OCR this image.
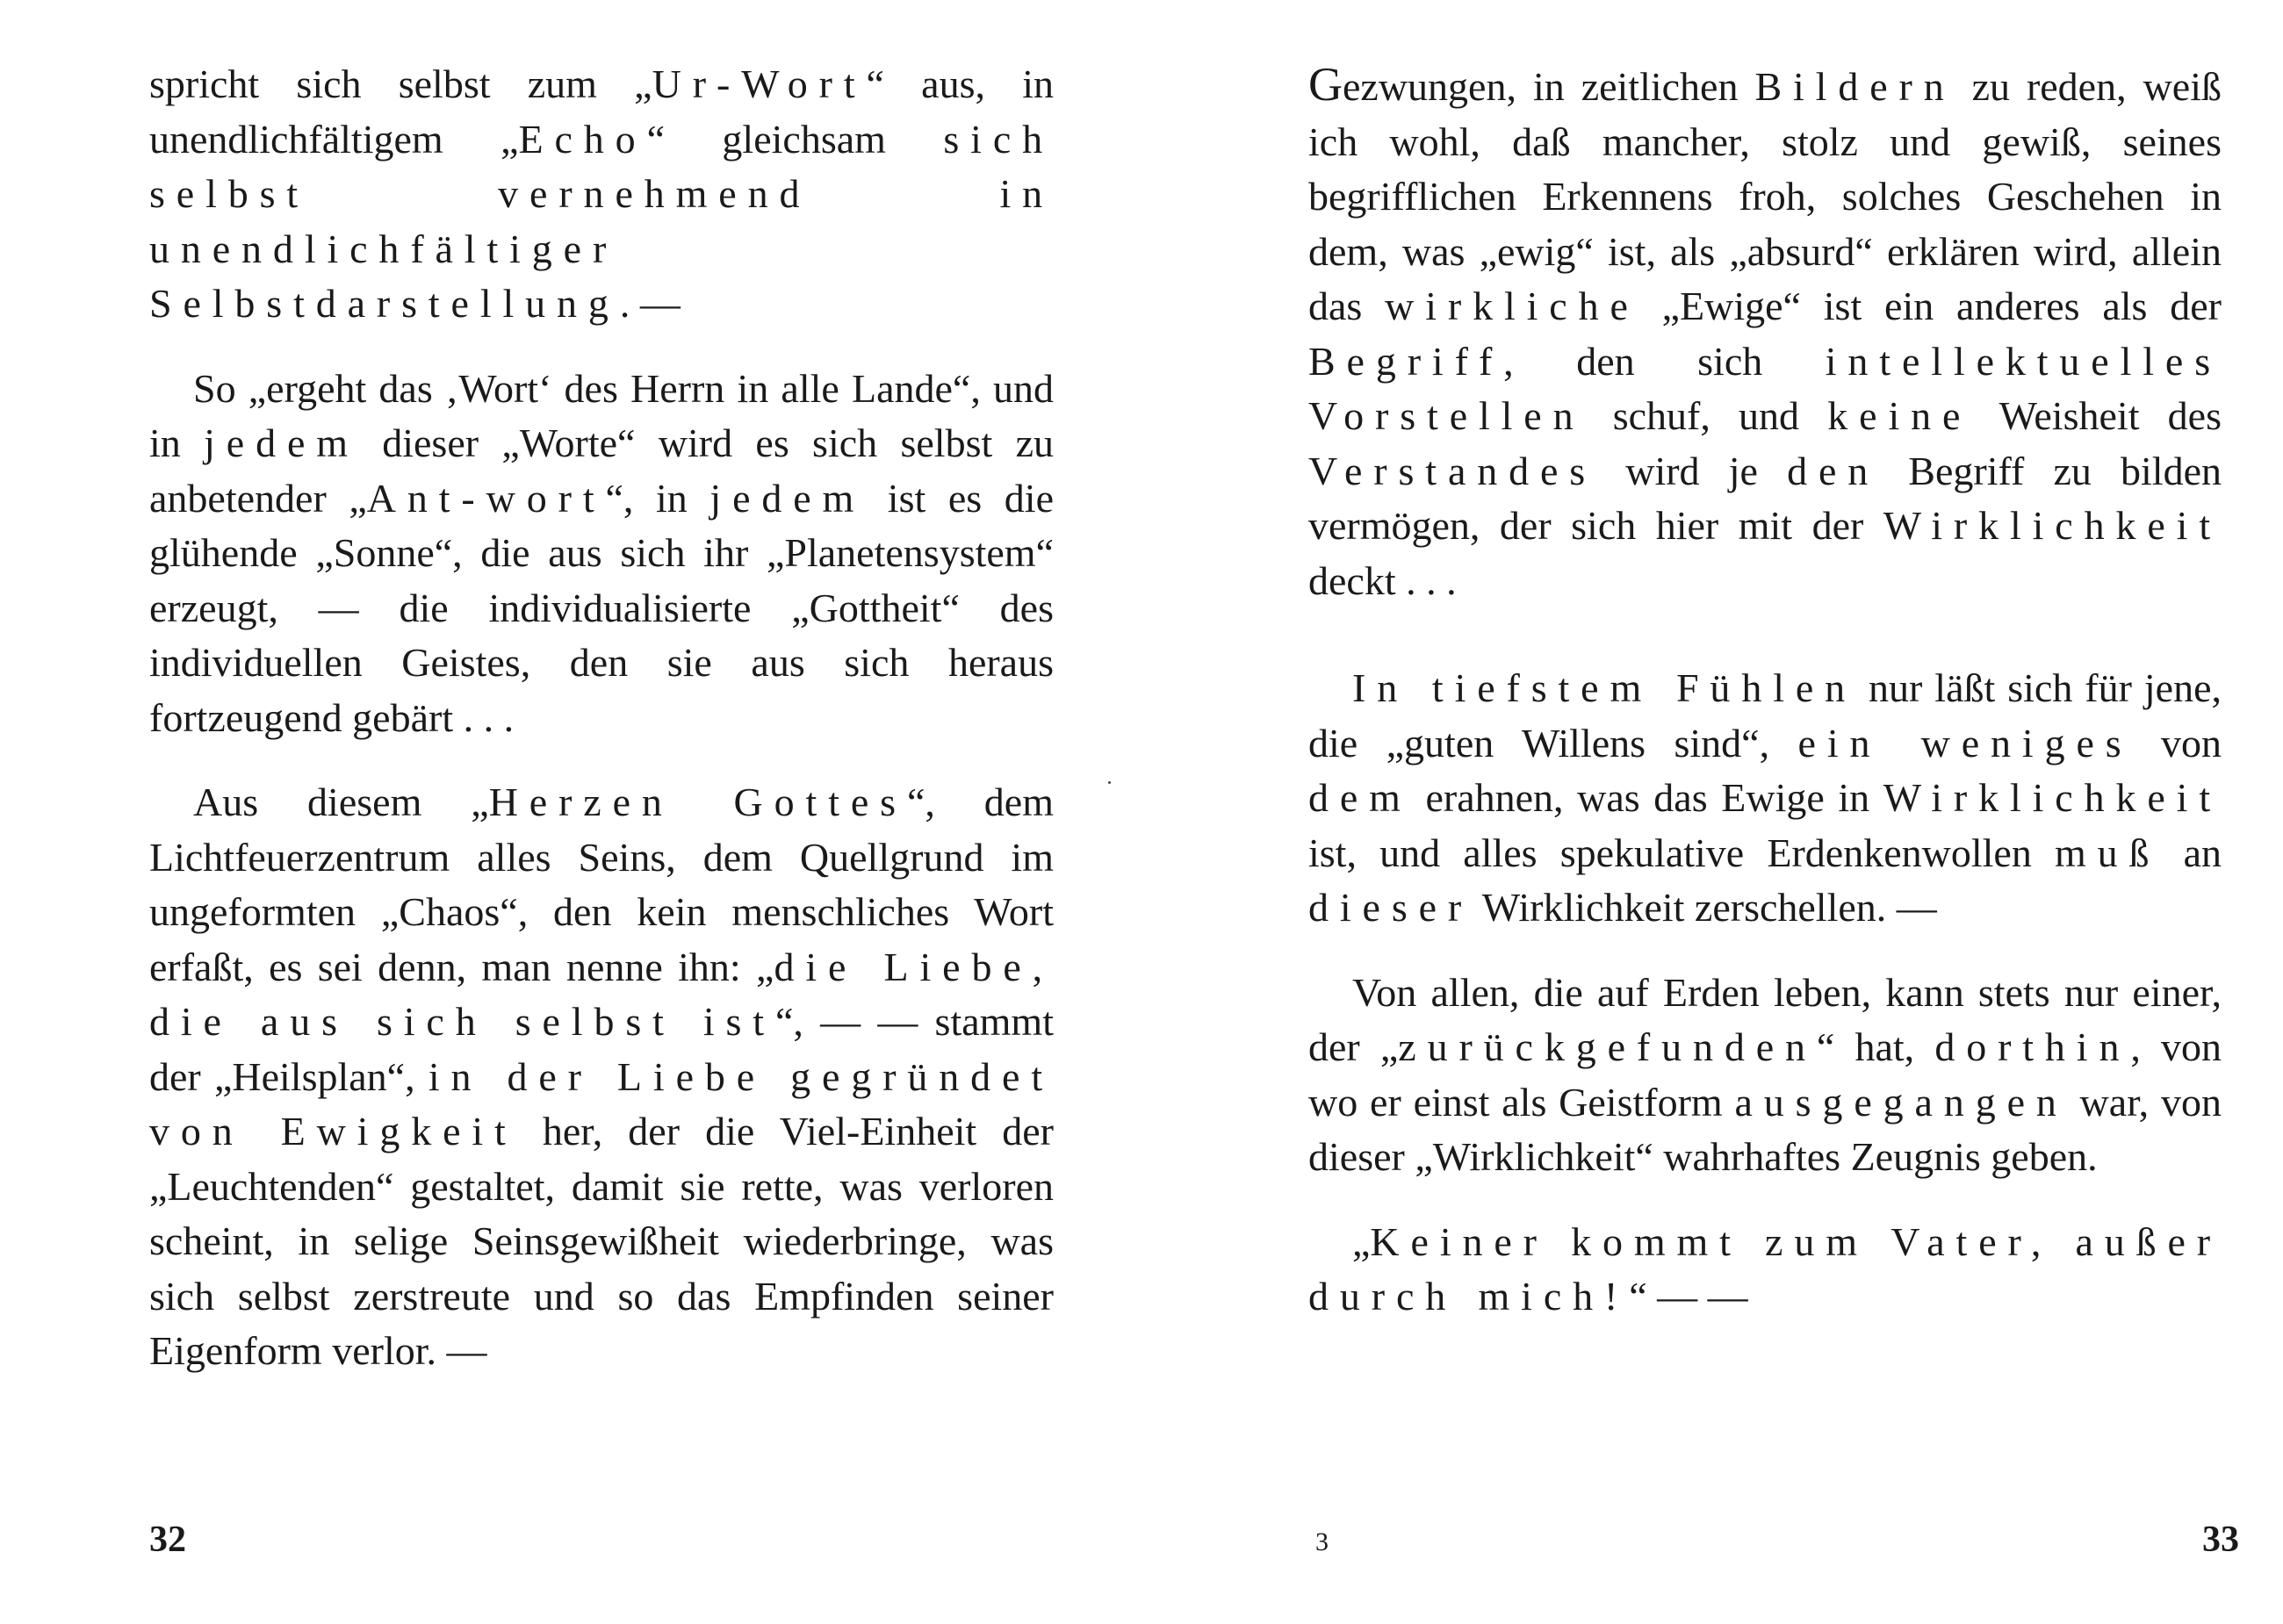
spricht sich selbst zum „Ur-Wort“ aus, in unendlichfältigem „Echo“ gleichsam sich selbst vernehmend in unendlichfältiger Selbstdarstellung. —

So „ergeht das ‚Wort‘ des Herrn in alle Lande“, und in jedem dieser „Worte“ wird es sich selbst zu anbetender „Ant-wort“, in jedem ist es die glühende „Sonne“, die aus sich ihr „Planetensystem“ erzeugt, — die individualisierte „Gottheit“ des individuellen Geistes, den sie aus sich heraus fortzeugend gebärt . . .

Aus diesem „Herzen Gottes“, dem Lichtfeuerzentrum alles Seins, dem Quellgrund im ungeformten „Chaos“, den kein menschliches Wort erfaßt, es sei denn, man nenne ihn: „die Liebe, die aus sich selbst ist“, — — stammt der „Heilsplan“, in der Liebe gegründet von Ewigkeit her, der die Viel-Einheit der „Leuchtenden“ gestaltet, damit sie rette, was verloren scheint, in selige Seinsgewißheit wiederbringe, was sich selbst zerstreute und so das Empfinden seiner Eigenform verlor. —

32

Gezwungen, in zeitlichen Bildern zu reden, weiß ich wohl, daß mancher, stolz und gewiß, seines begrifflichen Erkennens froh, solches Geschehen in dem, was „ewig“ ist, als „absurd“ erklären wird, allein das wirkliche „Ewige“ ist ein anderes als der Begriff, den sich intellektuelles Vorstellen schuf, und keine Weisheit des Verstandes wird je den Begriff zu bilden vermögen, der sich hier mit der Wirklichkeit deckt . . .

In tiefstem Fühlen nur läßt sich für jene, die „guten Willens sind“, ein weniges von dem erahnen, was das Ewige in Wirklichkeit ist, und alles spekulative Erdenkenwollen muß an dieser Wirklichkeit zerschellen. —

Von allen, die auf Erden leben, kann stets nur einer, der „zurückgefunden“ hat, dorthin, von wo er einst als Geistform ausgegangen war, von dieser „Wirklichkeit“ wahrhaftes Zeugnis geben.

„Keiner kommt zum Vater, außer durch mich!“ — —

3	33
